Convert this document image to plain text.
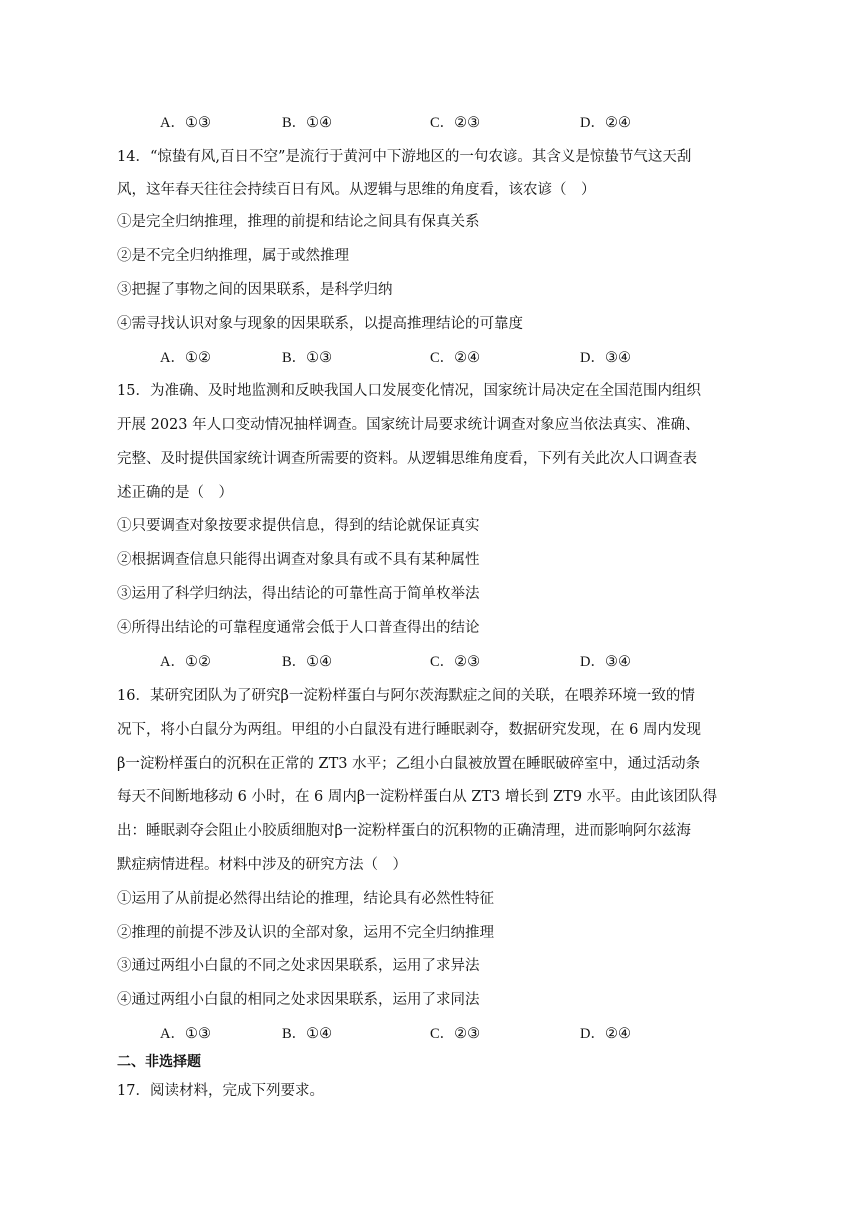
A．①③	B．①④	C．②③	D．②④
14．“惊蛰有风,百日不空”是流行于黄河中下游地区的一句农谚。其含义是惊蛰节气这天刮
风，这年春天往往会持续百日有风。从逻辑与思维的角度看，该农谚（　）
①是完全归纳推理，推理的前提和结论之间具有保真关系
②是不完全归纳推理，属于或然推理
③把握了事物之间的因果联系，是科学归纳
④需寻找认识对象与现象的因果联系，以提高推理结论的可靠度
A．①②	B．①③	C．②④	D．③④
15．为准确、及时地监测和反映我国人口发展变化情况，国家统计局决定在全国范围内组织
开展 2023 年人口变动情况抽样调查。国家统计局要求统计调查对象应当依法真实、准确、
完整、及时提供国家统计调查所需要的资料。从逻辑思维角度看，下列有关此次人口调查表
述正确的是（　）
①只要调查对象按要求提供信息，得到的结论就保证真实
②根据调查信息只能得出调查对象具有或不具有某种属性
③运用了科学归纳法，得出结论的可靠性高于简单枚举法
④所得出结论的可靠程度通常会低于人口普查得出的结论
A．①②	B．①④	C．②③	D．③④
16．某研究团队为了研究β一淀粉样蛋白与阿尔茨海默症之间的关联，在喂养环境一致的情
况下，将小白鼠分为两组。甲组的小白鼠没有进行睡眠剥夺，数据研究发现，在 6 周内发现
β一淀粉样蛋白的沉积在正常的 ZT3 水平；乙组小白鼠被放置在睡眠破碎室中，通过活动条
每天不间断地移动 6 小时，在 6 周内β一淀粉样蛋白从 ZT3 增长到 ZT9 水平。由此该团队得
出：睡眠剥夺会阻止小胶质细胞对β一淀粉样蛋白的沉积物的正确清理，进而影响阿尔兹海
默症病情进程。材料中涉及的研究方法（　）
①运用了从前提必然得出结论的推理，结论具有必然性特征
②推理的前提不涉及认识的全部对象，运用不完全归纳推理
③通过两组小白鼠的不同之处求因果联系，运用了求异法
④通过两组小白鼠的相同之处求因果联系，运用了求同法
A．①③	B．①④	C．②③	D．②④
二、非选择题
17．阅读材料，完成下列要求。
